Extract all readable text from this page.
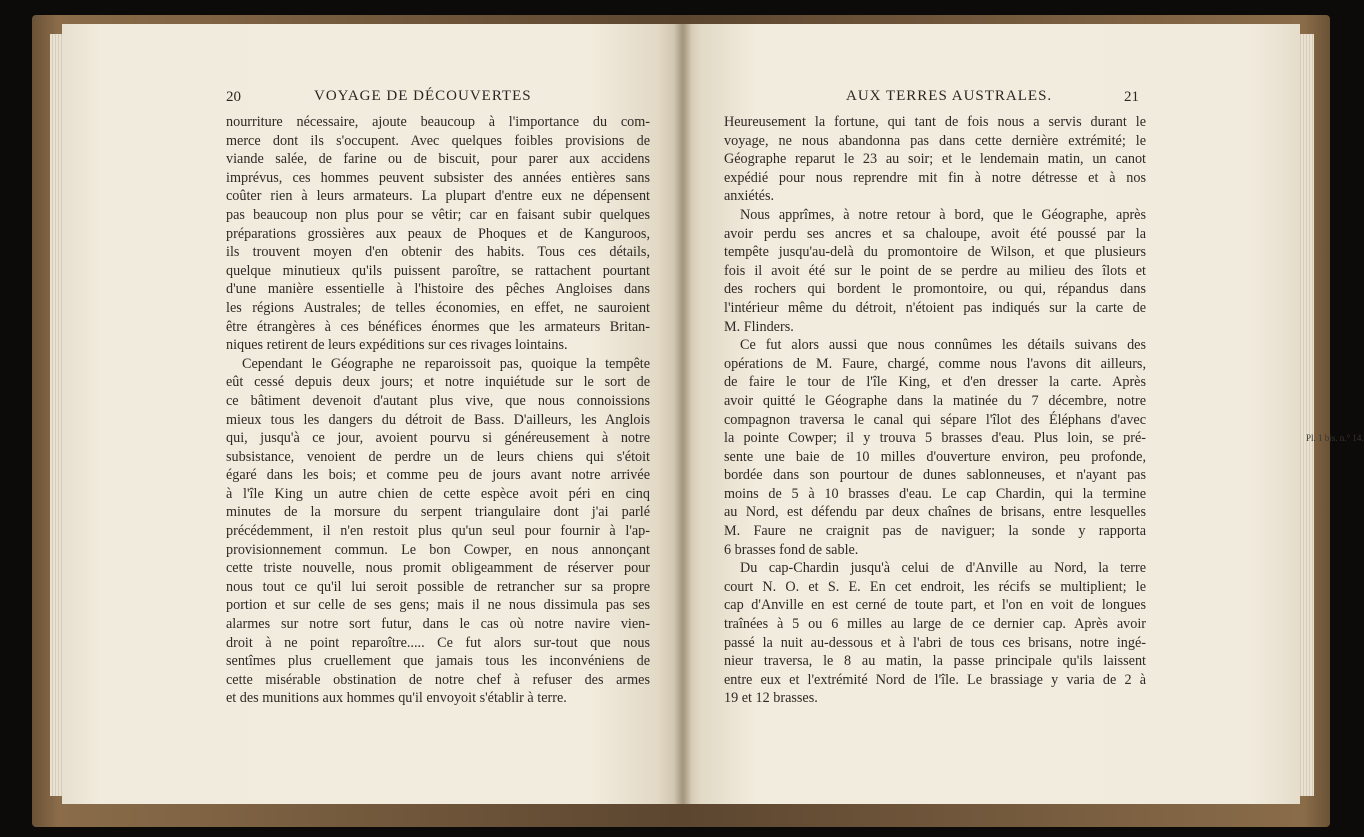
20	VOYAGE DE DÉCOUVERTES	AUX TERRES AUSTRALES.	21
nourriture nécessaire, ajoute beaucoup à l'importance du com-
merce dont ils s'occupent. Avec quelques foibles provisions de
viande salée, de farine ou de biscuit, pour parer aux accidens
imprévus, ces hommes peuvent subsister des années entières sans
coûter rien à leurs armateurs. La plupart d'entre eux ne dépensent
pas beaucoup non plus pour se vêtir; car en faisant subir quelques
préparations grossières aux peaux de Phoques et de Kanguroos,
ils trouvent moyen d'en obtenir des habits. Tous ces détails,
quelque minutieux qu'ils puissent paroître, se rattachent pourtant
d'une manière essentielle à l'histoire des pêches Angloises dans
les régions Australes; de telles économies, en effet, ne sauroient
être étrangères à ces bénéfices énormes que les armateurs Britan-
niques retirent de leurs expéditions sur ces rivages lointains.
Cependant le Géographe ne reparoissoit pas, quoique la tempête
eût cessé depuis deux jours; et notre inquiétude sur le sort de
ce bâtiment devenoit d'autant plus vive, que nous connoissions
mieux tous les dangers du détroit de Bass. D'ailleurs, les Anglois
qui, jusqu'à ce jour, avoient pourvu si généreusement à notre
subsistance, venoient de perdre un de leurs chiens qui s'étoit
égaré dans les bois; et comme peu de jours avant notre arrivée
à l'île King un autre chien de cette espèce avoit péri en cinq
minutes de la morsure du serpent triangulaire dont j'ai parlé
précédemment, il n'en restoit plus qu'un seul pour fournir à l'ap-
provisionnement commun. Le bon Cowper, en nous annonçant
cette triste nouvelle, nous promit obligeamment de réserver pour
nous tout ce qu'il lui seroit possible de retrancher sur sa propre
portion et sur celle de ses gens; mais il ne nous dissimula pas ses
alarmes sur notre sort futur, dans le cas où notre navire vien-
droit à ne point reparoître..... Ce fut alors sur-tout que nous
sentîmes plus cruellement que jamais tous les inconvéniens de
cette misérable obstination de notre chef à refuser des armes
et des munitions aux hommes qu'il envoyoit s'établir à terre.
Heureusement la fortune, qui tant de fois nous a servis durant le
voyage, ne nous abandonna pas dans cette dernière extrémité; le
Géographe reparut le 23 au soir; et le lendemain matin, un canot
expédié pour nous reprendre mit fin à notre détresse et à nos
anxiétés.
Nous apprîmes, à notre retour à bord, que le Géographe, après
avoir perdu ses ancres et sa chaloupe, avoit été poussé par la
tempête jusqu'au-delà du promontoire de Wilson, et que plusieurs
fois il avoit été sur le point de se perdre au milieu des îlots et
des rochers qui bordent le promontoire, ou qui, répandus dans
l'intérieur même du détroit, n'étoient pas indiqués sur la carte de
M. Flinders.
Ce fut alors aussi que nous connûmes les détails suivans des
opérations de M. Faure, chargé, comme nous l'avons dit ailleurs,
de faire le tour de l'île King, et d'en dresser la carte. Après
avoir quitté le Géographe dans la matinée du 7 décembre, notre
compagnon traversa le canal qui sépare l'îlot des Éléphans d'avec
la pointe Cowper; il y trouva 5 brasses d'eau. Plus loin, se pré-
sente une baie de 10 milles d'ouverture environ, peu profonde,
bordée dans son pourtour de dunes sablonneuses, et n'ayant pas
moins de 5 à 10 brasses d'eau. Le cap Chardin, qui la termine
au Nord, est défendu par deux chaînes de brisans, entre lesquelles
M. Faure ne craignit pas de naviguer; la sonde y rapporta
6 brasses fond de sable.
Du cap-Chardin jusqu'à celui de d'Anville au Nord, la terre
court N. O. et S. E. En cet endroit, les récifs se multiplient; le
cap d'Anville en est cerné de toute part, et l'on en voit de longues
traînées à 5 ou 6 milles au large de ce dernier cap. Après avoir
passé la nuit au-dessous et à l'abri de tous ces brisans, notre ingé-
nieur traversa, le 8 au matin, la passe principale qu'ils laissent
entre eux et l'extrémité Nord de l'île. Le brassiage y varia de 2 à
19 et 12 brasses.
Pl. 1 bis. n.° 14.
